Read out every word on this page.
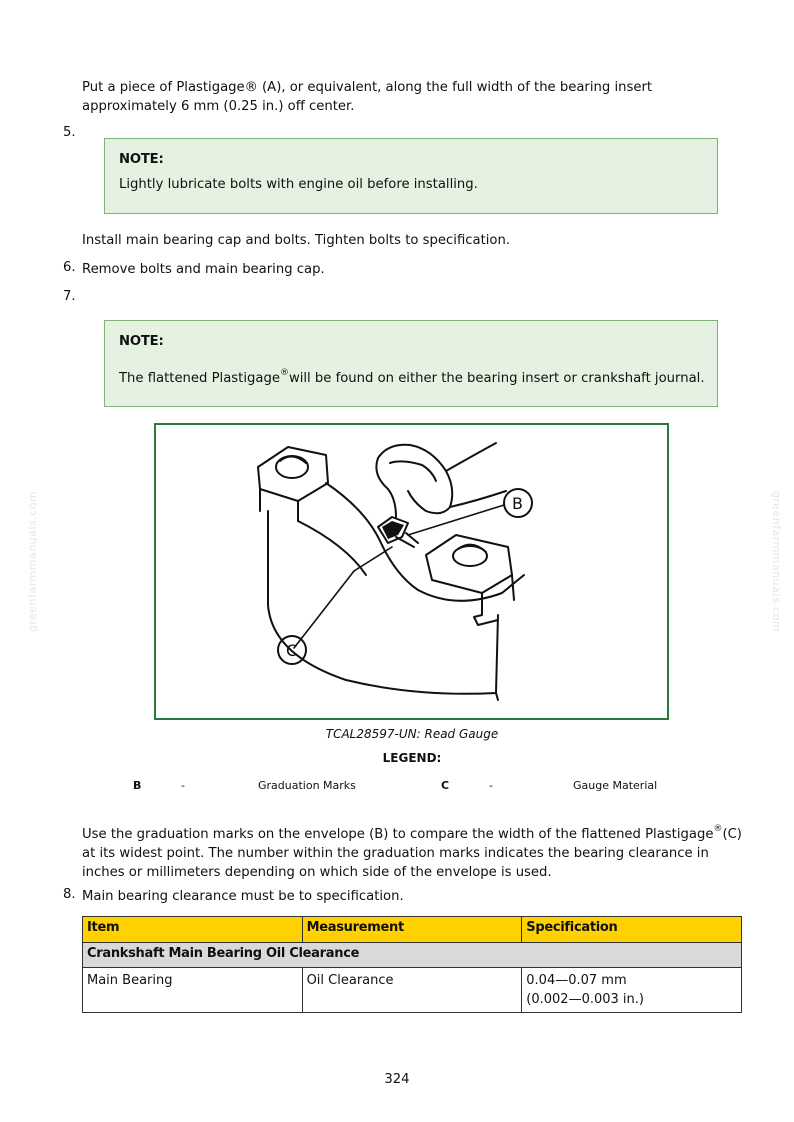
Put a piece of Plastigage® (A), or equivalent, along the full width of the bearing insert approximately 6 mm (0.25 in.) off center.
5.
NOTE:
Lightly lubricate bolts with engine oil before installing.
Install main bearing cap and bolts. Tighten bolts to specification.
6. Remove bolts and main bearing cap.
7.
NOTE:
The flattened Plastigage®will be found on either the bearing insert or crankshaft journal.
B
C
TCAL28597-UN: Read Gauge
LEGEND:
B	-	Graduation Marks	C	-	Gauge Material
Use the graduation marks on the envelope (B) to compare the width of the flattened Plastigage®(C) at its widest point. The number within the graduation marks indicates the bearing clearance in inches or millimeters depending on which side of the envelope is used.
8. Main bearing clearance must be to specification.
Item	Measurement	Specification
Crankshaft Main Bearing Oil Clearance		
Main Bearing	Oil Clearance	0.04—0.07 mm
(0.002—0.003 in.)
greenfarmmanuals.com	greenfarmmanuals.com
324
